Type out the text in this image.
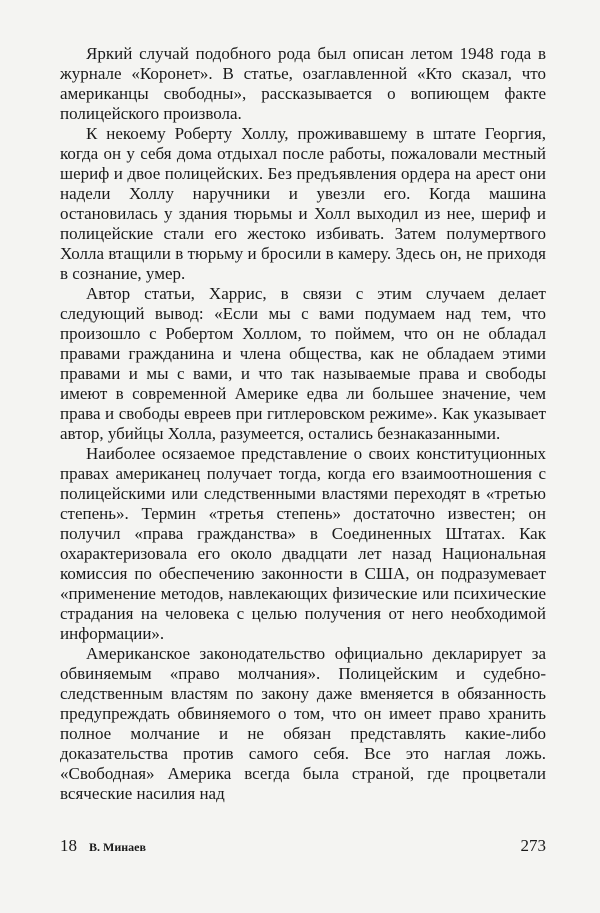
Яркий случай подобного рода был описан летом 1948 года в журнале «Коронет». В статье, озаглавленной «Кто сказал, что американцы свободны», рассказывается о вопиющем факте полицейского произвола.

К некоему Роберту Холлу, проживавшему в штате Георгия, когда он у себя дома отдыхал после работы, пожаловали местный шериф и двое полицейских. Без предъявления ордера на арест они надели Холлу наручники и увезли его. Когда машина остановилась у здания тюрьмы и Холл выходил из нее, шериф и полицейские стали его жестоко избивать. Затем полумертвого Холла втащили в тюрьму и бросили в камеру. Здесь он, не приходя в сознание, умер.

Автор статьи, Харрис, в связи с этим случаем делает следующий вывод: «Если мы с вами подумаем над тем, что произошло с Робертом Холлом, то поймем, что он не обладал правами гражданина и члена общества, как не обладаем этими правами и мы с вами, и что так называемые права и свободы имеют в современной Америке едва ли большее значение, чем права и свободы евреев при гитлеровском режиме». Как указывает автор, убийцы Холла, разумеется, остались безнаказанными.

Наиболее осязаемое представление о своих конституционных правах американец получает тогда, когда его взаимоотношения с полицейскими или следственными властями переходят в «третью степень». Термин «третья степень» достаточно известен; он получил «права гражданства» в Соединенных Штатах. Как охарактеризовала его около двадцати лет назад Национальная комиссия по обеспечению законности в США, он подразумевает «применение методов, навлекающих физические или психические страдания на человека с целью получения от него необходимой информации».

Американское законодательство официально декларирует за обвиняемым «право молчания». Полицейским и судебно-следственным властям по закону даже вменяется в обязанность предупреждать обвиняемого о том, что он имеет право хранить полное молчание и не обязан представлять какие-либо доказательства против самого себя. Все это наглая ложь. «Свободная» Америка всегда была страной, где процветали всяческие насилия над

18 В. Минаев	273
